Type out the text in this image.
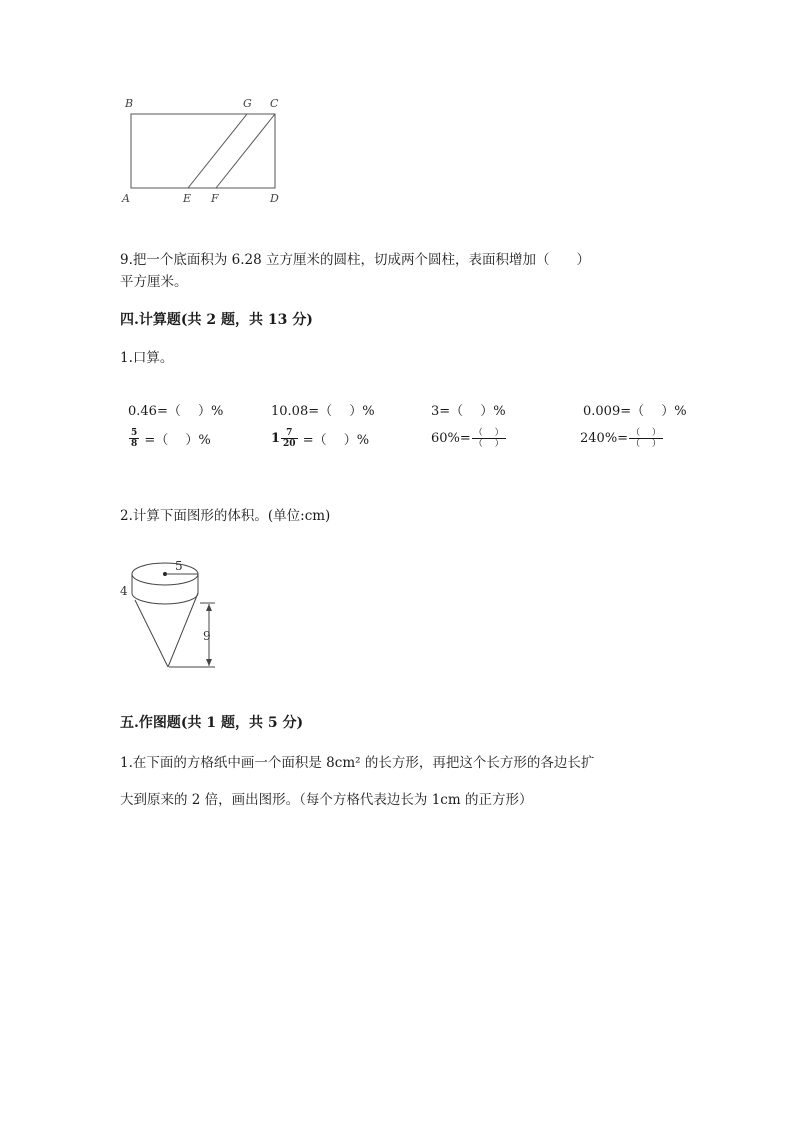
B	G C
A	E F	D
9.把一个底面积为 6.28 立方厘米的圆柱，切成两个圆柱，表面积增加（　　）
平方厘米。
四.计算题(共 2 题，共 13 分)
1.口算。
0.46=（　 ）%	10.08=（　 ）%	3=（　 ）%	0.009=（　 ）%
$\frac{5}{8}$ =（　 ）%	$1 \frac{7}{20}$ =（　 ）%	$60\%= \frac{( )}{( )}$	$240\%= \frac{( )}{( )}$
2.计算下面图形的体积。(单位:cm)
5
4
9
五.作图题(共 1 题，共 5 分)
1.在下面的方格纸中画一个面积是 8cm² 的长方形，再把这个长方形的各边长扩
大到原来的 2 倍，画出图形。（每个方格代表边长为 1cm 的正方形）
